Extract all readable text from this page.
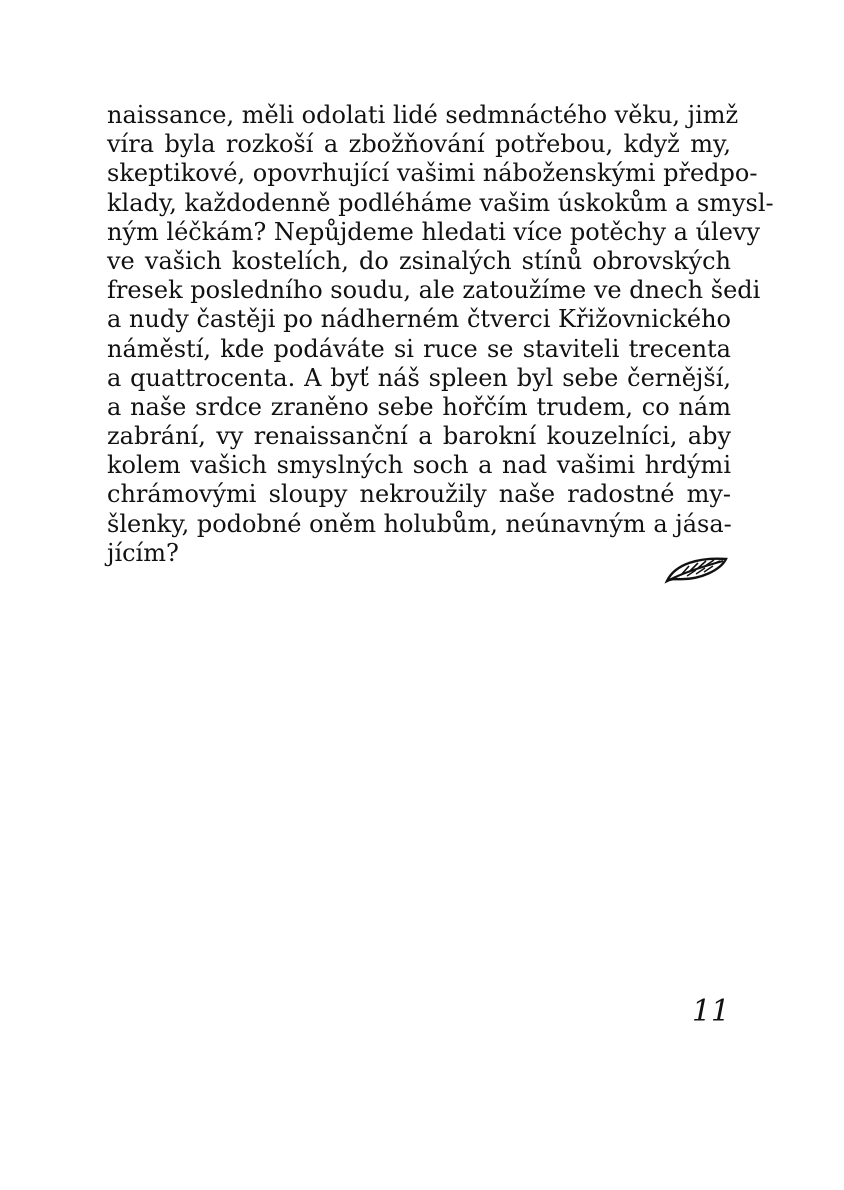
naissance, měli odolati lidé sedmnáctého věku, jimž
víra byla rozkoší a zbožňování potřebou, když my,
skeptikové, opovrhující vašimi náboženskými předpo-
klady, každodenně podléháme vašim úskokům a smysl-
ným léčkám? Nepůjdeme hledati více potěchy a úlevy
ve vašich kostelích, do zsinalých stínů obrovských
fresek posledního soudu, ale zatoužíme ve dnech šedi
a nudy častěji po nádherném čtverci Křižovnického
náměstí, kde podáváte si ruce se staviteli trecenta
a quattrocenta. A byť náš spleen byl sebe černější,
a naše srdce zraněno sebe hořčím trudem, co nám
zabrání, vy renaissanční a barokní kouzelníci, aby
kolem vašich smyslných soch a nad vašimi hrdými
chrámovými sloupy nekroužily naše radostné my-
šlenky, podobné oněm holubům, neúnavným a jása-
jícím?
11
